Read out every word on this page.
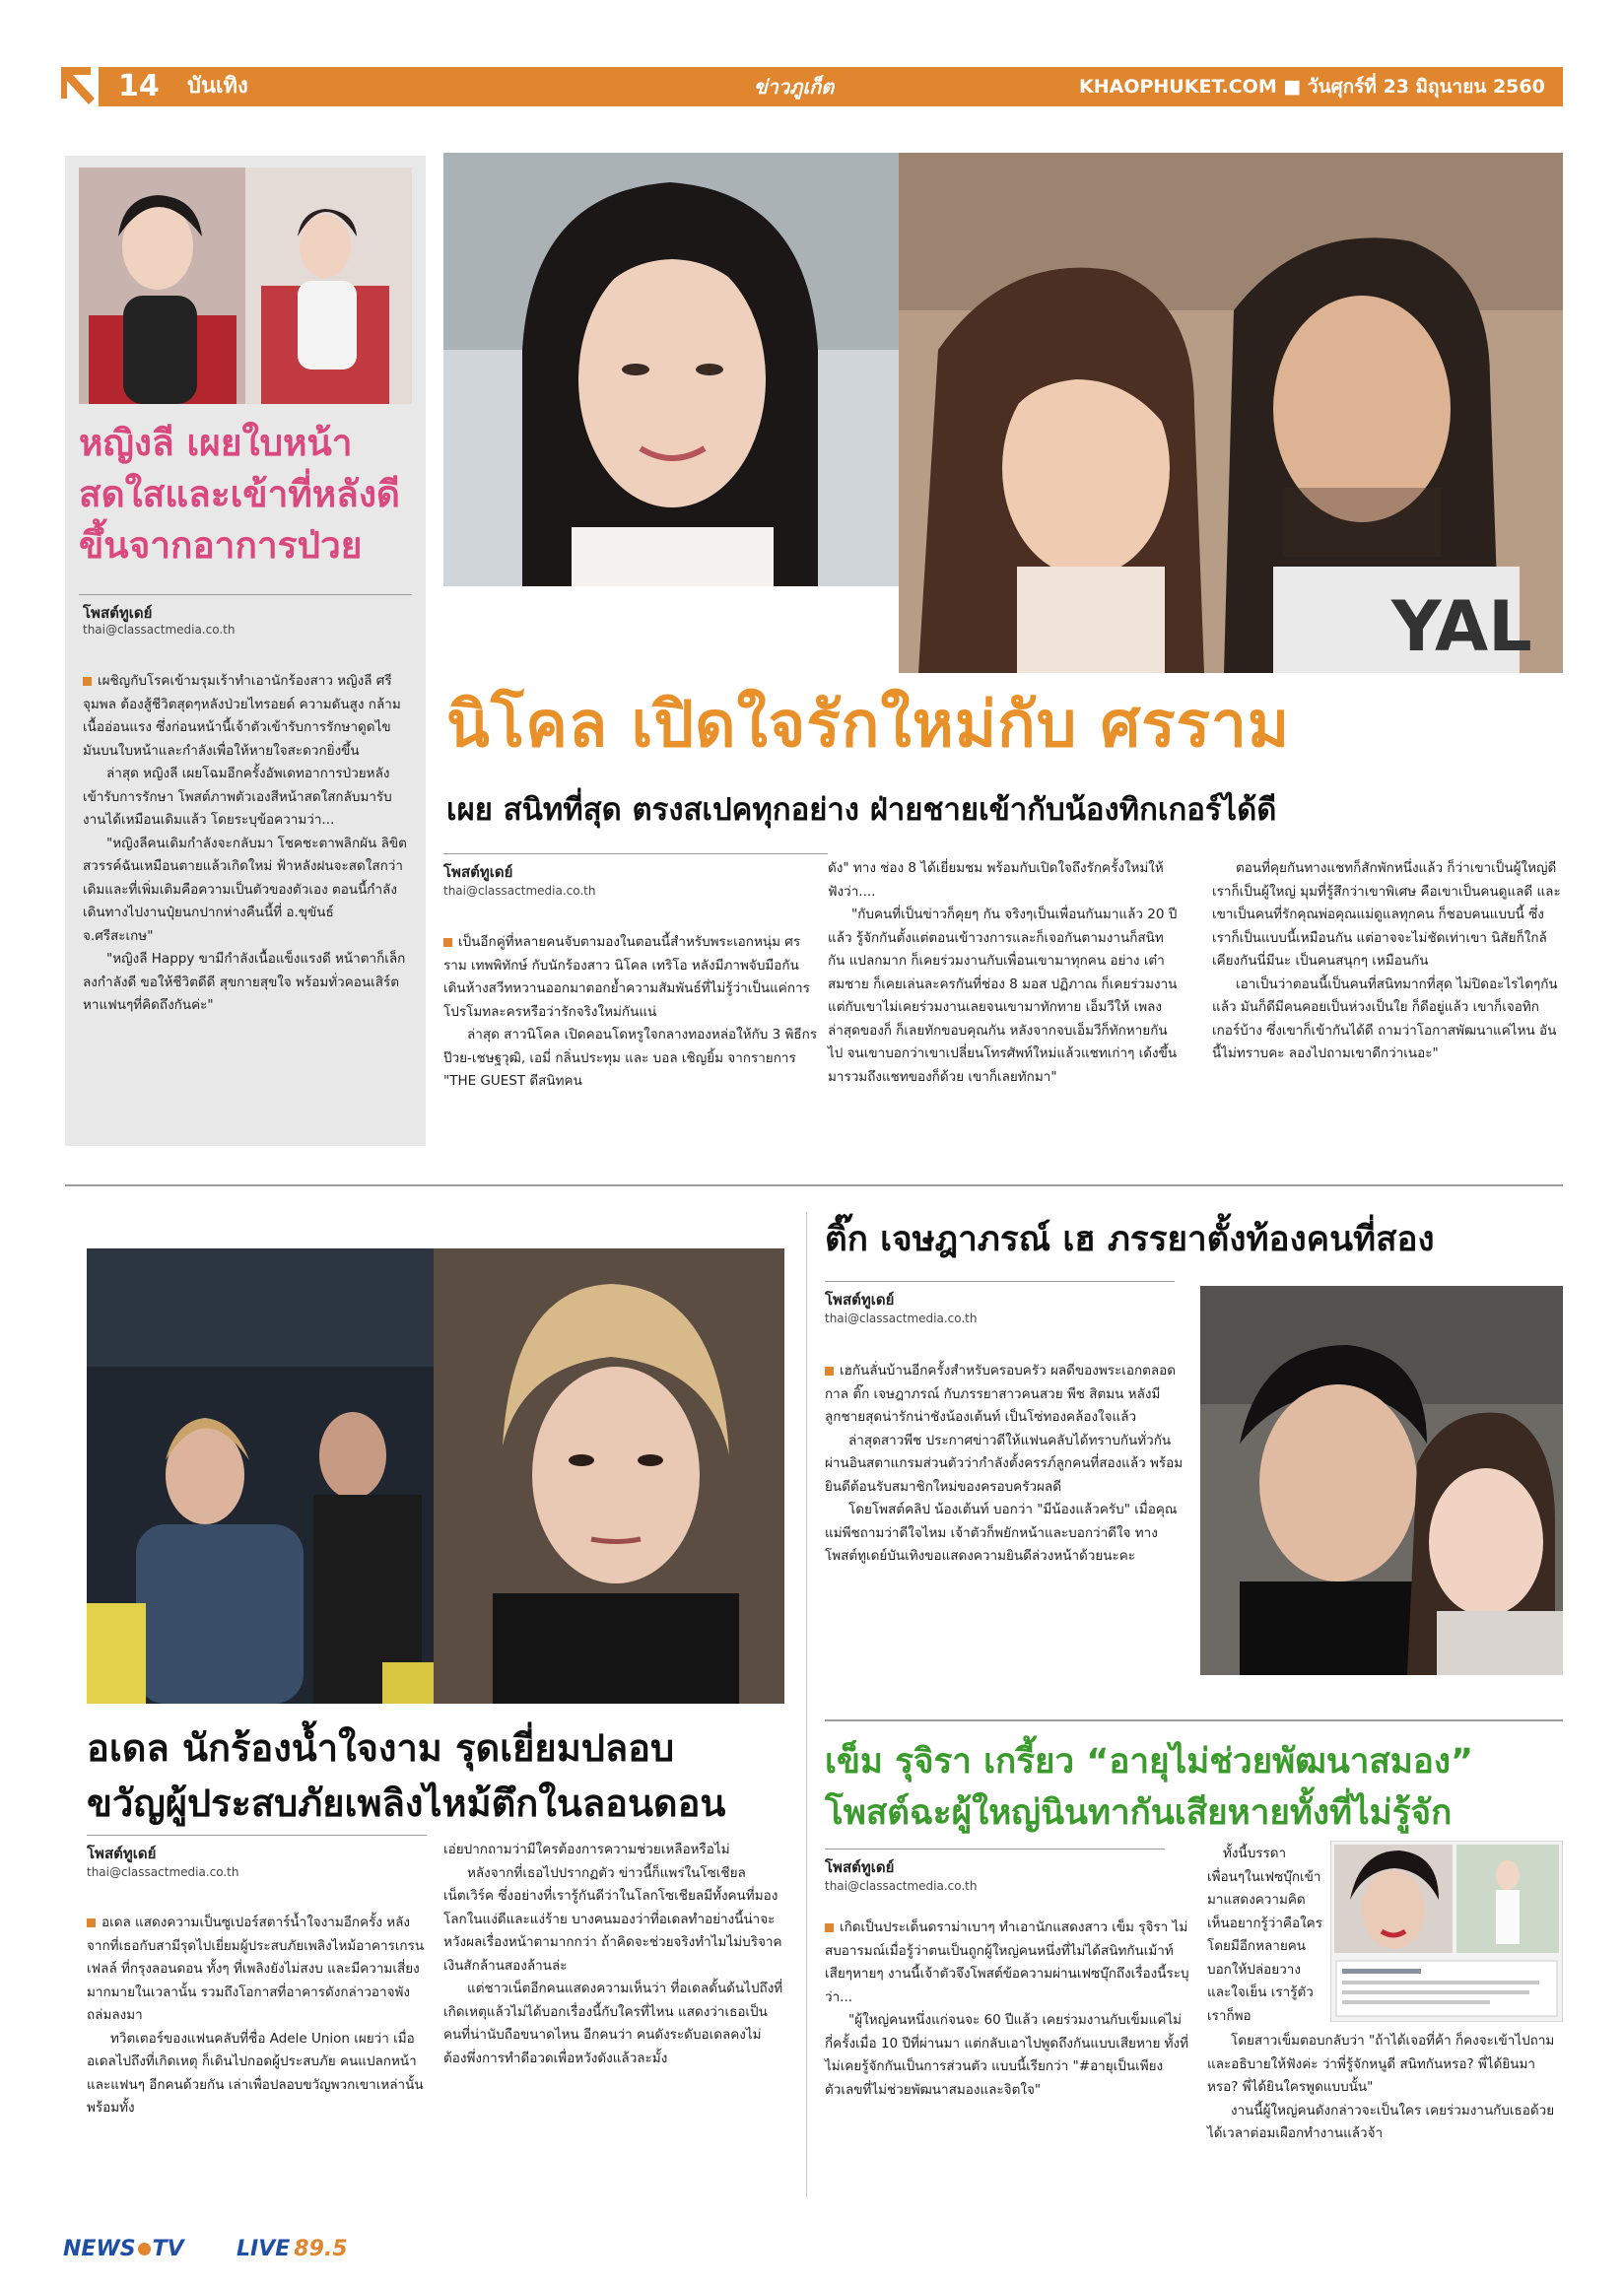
14 บันเทิง	ข่าวภูเก็ต	KHAOPHUKET.COM ■ วันศุกร์ที่ 23 มิถุนายน 2560
หญิงลี เผยใบหน้า
สดใสและเข้าที่หลังดี
ขึ้นจากอาการป่วย
โพสต์ทูเดย์
thai@classactmedia.co.th

เผชิญกับโรคเข้ามรุมเร้าทำเอานักร้องสาว หญิงลี ศรีจุมพล ต้องสู้ชีวิตสุดๆหลังป่วยไทรอยด์ ความดันสูง กล้ามเนื้ออ่อนแรง ซึ่งก่อนหน้านี้เจ้าตัวเข้ารับการรักษาดูดไขมันบนใบหน้าและกำลังเพื่อให้หายใจสะดวกยิ่งขึ้น

ล่าสุด หญิงลี เผยโฉมอีกครั้งอัพเดทอาการป่วยหลังเข้ารับการรักษา โพสต์ภาพตัวเองสีหน้าสดใสกลับมารับงานได้เหมือนเดิมแล้ว โดยระบุข้อความว่า...

"หญิงลีคนเดิมกำลังจะกลับมา โชคชะตาพลิกผัน ลิขิตสวรรค์ฉันเหมือนตายแล้วเกิดใหม่ ฟ้าหลังฝนจะสดใสกว่าเดิมและที่เพิ่มเติมคือความเป็นตัวของตัวเอง ตอนนี้กำลังเดินทางไปงานปุ๋ยนกปากห่างคืนนี้ที่ อ.ขุขันธ์ จ.ศรีสะเกษ"

"หญิงลี Happy ขามีกำลังเนื้อแข็งแรงดี หน้าตาก็เล็กลงกำลังดี ขอให้ชีวิตดีดี สุขกายสุขใจ พร้อมทั่วคอนเสิร์ตหาแฟนๆที่คิดถึงกันค่ะ"

YAL
นิโคล เปิดใจรักใหม่กับ ศรราม
เผย สนิทที่สุด ตรงสเปคทุกอย่าง ฝ่ายชายเข้ากับน้องทิกเกอร์ได้ดี
โพสต์ทูเดย์
thai@classactmedia.co.th

เป็นอีกคู่ที่หลายคนจับตามองในตอนนี้สำหรับพระเอกหนุ่ม ศรราม เทพพิทักษ์ กับนักร้องสาว นิโคล เทริโอ หลังมีภาพจับมือกันเดินห้างสวีทหวานออกมาตอกย้ำความสัมพันธ์ที่ไม่รู้ว่าเป็นแค่การโปรโมทละครหรือว่ารักจริงใหม่กันแน่

ล่าสุด สาวนิโคล เปิดคอนโดหรูใจกลางทองหล่อให้กับ 3 พิธีกร ป๊วย-เชษฐวุฒิ, เอมี่ กลิ่นประทุม และ บอล เชิญยิ้ม จากรายการ "THE GUEST ดีสนิทคน

ดัง" ทาง ช่อง 8 ได้เยี่ยมชม พร้อมกับเปิดใจถึงรักครั้งใหม่ให้ฟังว่า....

"กับคนที่เป็นข่าวก็คุยๆ กัน จริงๆเป็นเพื่อนกันมาแล้ว 20 ปีแล้ว รู้จักกันตั้งแต่ตอนเข้าวงการและก็เจอกันตามงานก็สนิทกัน แปลกมาก ก็เคยร่วมงานกับเพื่อนเขามาทุกคน อย่าง เต๋า สมชาย ก็เคยเล่นละครกันที่ช่อง 8 มอส ปฏิภาณ ก็เคยร่วมงาน แต่กับเขาไม่เคยร่วมงานเลยจนเขามาทักทาย เอ็มวีให้ เพลงล่าสุดของก็ ก็เลยทักขอบคุณกัน หลังจากจบเอ็มวีก็ทักหายกันไป จนเขาบอกว่าเขาเปลี่ยนโทรศัพท์ใหม่แล้วแชทเก่าๆ เด้งขึ้นมารวมถึงแชทของก็ด้วย เขาก็เลยทักมา"

ตอนที่คุยกันทางแชทก็สักพักหนึ่งแล้ว ก็ว่าเขาเป็นผู้ใหญ่ดี เราก็เป็นผู้ใหญ่ มุมที่รู้สึกว่าเขาพิเศษ คือเขาเป็นคนดูแลดี และเขาเป็นคนที่รักคุณพ่อคุณแม่ดูแลทุกคน ก็ชอบคนแบบนี้ ซึ่งเราก็เป็นแบบนี้เหมือนกัน แต่อาจจะไม่ชัดเท่าเขา นิสัยก็ใกล้เคียงกันนี่มีนะ เป็นคนสนุกๆ เหมือนกัน

เอาเป็นว่าตอนนี้เป็นคนที่สนิทมากที่สุด ไม่ปิดอะไรไดๆกันแล้ว มันก็ดีมีคนคอยเป็นห่วงเป็นใย ก็ดีอยู่แล้ว เขาก็เจอทิกเกอร์บ้าง ซึ่งเขาก็เข้ากันได้ดี ถามว่าโอกาสพัฒนาแค่ไหน อันนี้ไม่ทราบคะ ลองไปถามเขาดีกว่าเนอะ"

อเดล นักร้องน้ำใจงาม รุดเยี่ยมปลอบ
ขวัญผู้ประสบภัยเพลิงไหม้ตึกในลอนดอน
โพสต์ทูเดย์
thai@classactmedia.co.th

อเดล แสดงความเป็นซูเปอร์สตาร์น้ำใจงามอีกครั้ง หลังจากที่เธอกับสามีรุดไปเยี่ยมผู้ประสบภัยเพลิงไหม้อาคารเกรนเฟลล์ ที่กรุงลอนดอน ทั้งๆ ที่เพลิงยังไม่สงบ และมีความเสี่ยงมากมายในเวลานั้น รวมถึงโอกาสที่อาคารดังกล่าวอาจพังถล่มลงมา

ทวิตเตอร์ของแฟนคลับที่ชื่อ Adele Union เผยว่า เมื่ออเดลไปถึงที่เกิดเหตุ ก็เดินไปกอดผู้ประสบภัย คนแปลกหน้าและแฟนๆ อีกคนด้วยกัน เล่าเพื่อปลอบขวัญพวกเขาเหล่านั้น พร้อมทั้ง

เอ่ยปากถามว่ามีใครต้องการความช่วยเหลือหรือไม่

หลังจากที่เธอไปปรากฏตัว ข่าวนี้ก็แพร่ในโซเชียลเน็ตเวิร์ค ซึ่งอย่างที่เรารู้กันดีว่าในโลกโซเชียลมีทั้งคนที่มองโลกในแง่ดีและแง่ร้าย บางคนมองว่าที่อเดลทำอย่างนี้น่าจะหวังผลเรื่องหน้าตามากกว่า ถ้าคิดจะช่วยจริงทำไมไม่บริจาคเงินสักล้านสองล้านล่ะ

แต่ชาวเน็ตอีกคนแสดงความเห็นว่า ที่อเดลดั้นด้นไปถึงที่เกิดเหตุแล้วไม่ได้บอกเรื่องนี้กับใครที่ไหน แสดงว่าเธอเป็นคนที่น่านับถือขนาดไหน อีกคนว่า คนดังระดับอเดลคงไม่ต้องพึ่งการทำดีอวดเพื่อหวังดังแล้วละมั้ง

ติ๊ก เจษฎาภรณ์ เฮ ภรรยาตั้งท้องคนที่สอง
โพสต์ทูเดย์
thai@classactmedia.co.th

เฮกันลั่นบ้านอีกครั้งสำหรับครอบครัว ผลดีของพระเอกตลอดกาล ติ๊ก เจษฎาภรณ์ กับภรรยาสาวคนสวย พีช สิตมน หลังมีลูกชายสุดน่ารักน่าชังน้องเต้นท์ เป็นโซ่ทองคล้องใจแล้ว

ล่าสุดสาวพีช ประกาศข่าวดีให้แฟนคลับได้ทราบกันทั่วกันผ่านอินสตาแกรมส่วนตัวว่ากำลังตั้งครรภ์ลูกคนที่สองแล้ว พร้อมยินดีต้อนรับสมาชิกใหม่ของครอบครัวผลดี

โดยโพสต์คลิป น้องเต้นท์ บอกว่า "มีน้องแล้วครับ" เมื่อคุณแม่พีชถามว่าดีใจไหม เจ้าตัวก็พยักหน้าและบอกว่าดีใจ ทางโพสต์ทูเดย์บันเทิงขอแสดงความยินดีล่วงหน้าด้วยนะคะ

เข็ม รุจิรา เกรี้ยว “อายุไม่ช่วยพัฒนาสมอง”
โพสต์ฉะผู้ใหญ่นินทากันเสียหายทั้งที่ไม่รู้จัก
โพสต์ทูเดย์
thai@classactmedia.co.th

เกิดเป็นประเด็นดราม่าเบาๆ ทำเอานักแสดงสาว เข็ม รุจิรา ไม่สบอารมณ์เมื่อรู้ว่าตนเป็นถูกผู้ใหญ่คนหนึ่งที่ไม่ได้สนิทกันเม้าท์เสียๆหายๆ งานนี้เจ้าตัวจึงโพสต์ข้อความผ่านเฟซบุ๊กถึงเรื่องนี้ระบุว่า...

"ผู้ใหญ่คนหนึ่งแก่จนจะ 60 ปีแล้ว เคยร่วมงานกับเข็มแค่ไม่กี่ครั้งเมื่อ 10 ปีที่ผ่านมา แต่กลับเอาไปพูดถึงกันแบบเสียหาย ทั้งที่ไม่เคยรู้จักกันเป็นการส่วนตัว แบบนี้เรียกว่า "#อายุเป็นเพียงตัวเลขที่ไม่ช่วยพัฒนาสมองและจิตใจ"

ทั้งนี้บรรดาเพื่อนๆในเฟซบุ๊กเข้ามาแสดงความคิดเห็นอยากรู้ว่าคือใคร โดยมีอีกหลายคนบอกให้ปล่อยวางและใจเย็น เรารู้ตัวเราก็พอ

โดยสาวเข็มตอบกลับว่า "ถ้าได้เจอที่ค้า ก็คงจะเข้าไปถาม และอธิบายให้ฟังค่ะ ว่าพี่รู้จักหนูดี สนิทกันหรอ? พี่ได้ยินมาหรอ? พี่ได้ยินใครพูดแบบนั้น"

งานนี้ผู้ใหญ่คนดังกล่าวจะเป็นใคร เคยร่วมงานกับเธอด้วย ได้เวลาต่อมเผือกทำงานแล้วจ้า

NEWS TV LIVE 89.5
